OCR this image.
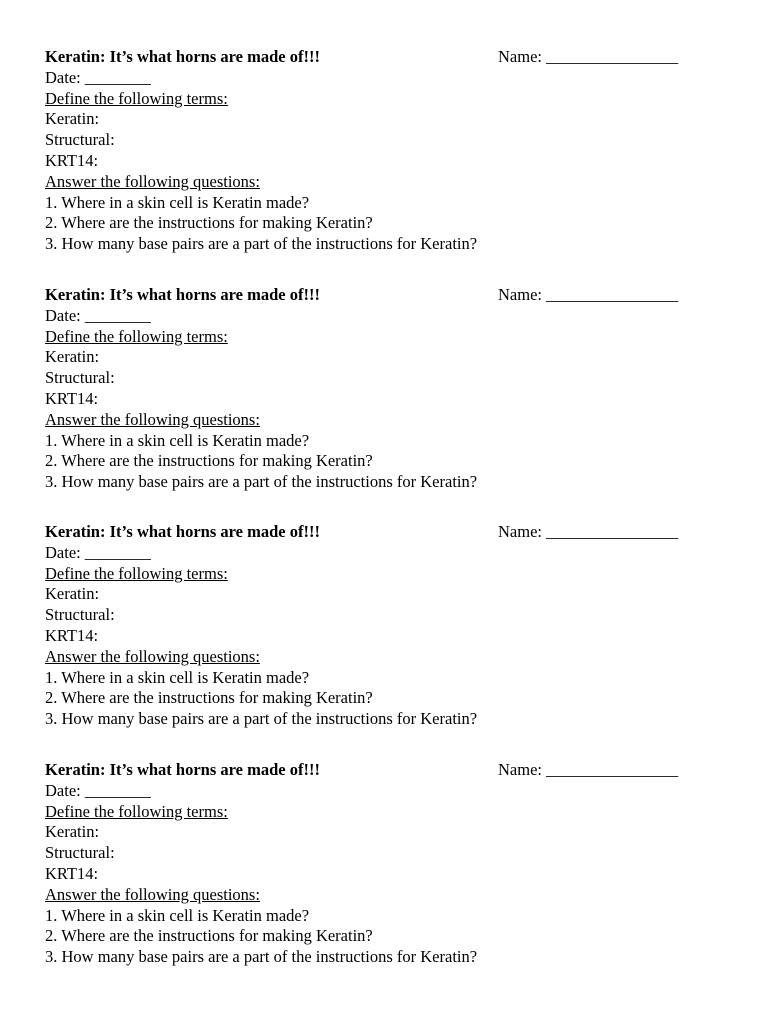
Keratin: It’s what horns are made of!!!	Name: ________________
Date: ________
Define the following terms:
Keratin:
Structural:
KRT14:
Answer the following questions:
1. Where in a skin cell is Keratin made?
2. Where are the instructions for making Keratin?
3. How many base pairs are a part of the instructions for Keratin?
Keratin: It’s what horns are made of!!!	Name: ________________
Date: ________
Define the following terms:
Keratin:
Structural:
KRT14:
Answer the following questions:
1. Where in a skin cell is Keratin made?
2. Where are the instructions for making Keratin?
3. How many base pairs are a part of the instructions for Keratin?
Keratin: It’s what horns are made of!!!	Name: ________________
Date: ________
Define the following terms:
Keratin:
Structural:
KRT14:
Answer the following questions:
1. Where in a skin cell is Keratin made?
2. Where are the instructions for making Keratin?
3. How many base pairs are a part of the instructions for Keratin?
Keratin: It’s what horns are made of!!!	Name: ________________
Date: ________
Define the following terms:
Keratin:
Structural:
KRT14:
Answer the following questions:
1. Where in a skin cell is Keratin made?
2. Where are the instructions for making Keratin?
3. How many base pairs are a part of the instructions for Keratin?
